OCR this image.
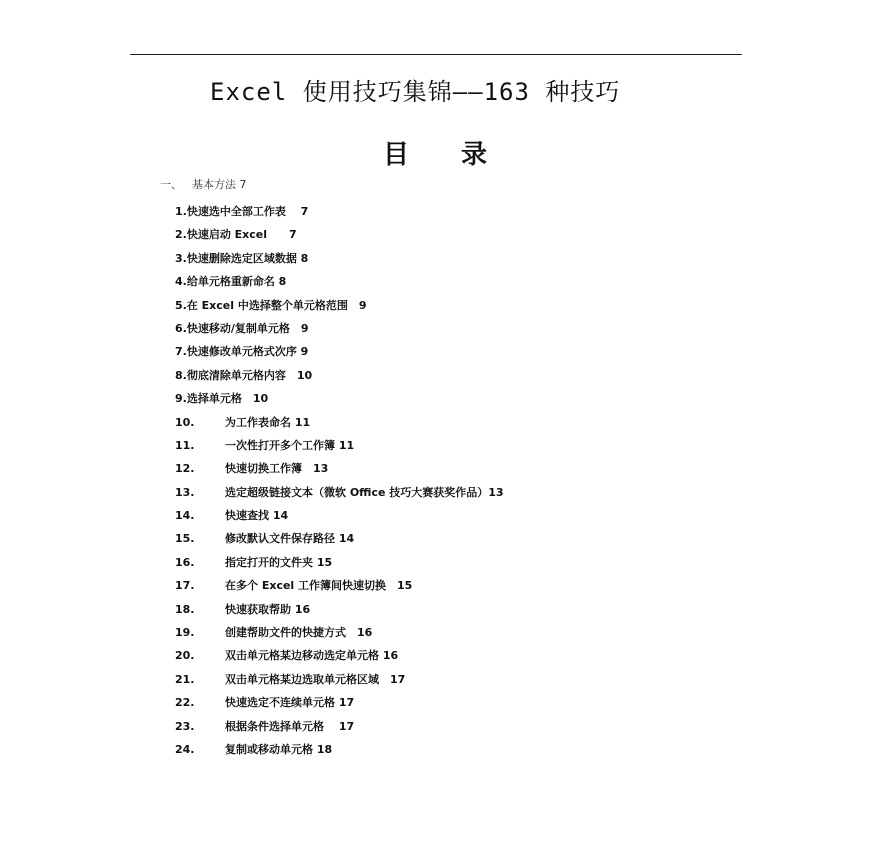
Excel 使用技巧集锦——163 种技巧
目 录
一、 基本方法 7
1. 快速选中全部工作表　 7
2. 快速启动 Excel　　7
3. 快速删除选定区域数据 8
4. 给单元格重新命名 8
5. 在 Excel 中选择整个单元格范围　9
6. 快速移动/复制单元格　9
7. 快速修改单元格式次序 9
8. 彻底清除单元格内容　10
9. 选择单元格　10
10.	为工作表命名 11
11.	一次性打开多个工作簿 11
12.	快速切换工作簿　13
13.	选定超级链接文本（微软 Office 技巧大赛获奖作品）13
14.	快速查找 14
15.	修改默认文件保存路径 14
16.	指定打开的文件夹 15
17.	在多个 Excel 工作簿间快速切换　15
18.	快速获取帮助 16
19.	创建帮助文件的快捷方式　16
20.	双击单元格某边移动选定单元格 16
21.	双击单元格某边选取单元格区域　17
22.	快速选定不连续单元格 17
23.	根据条件选择单元格　 17
24.	复制或移动单元格 18
